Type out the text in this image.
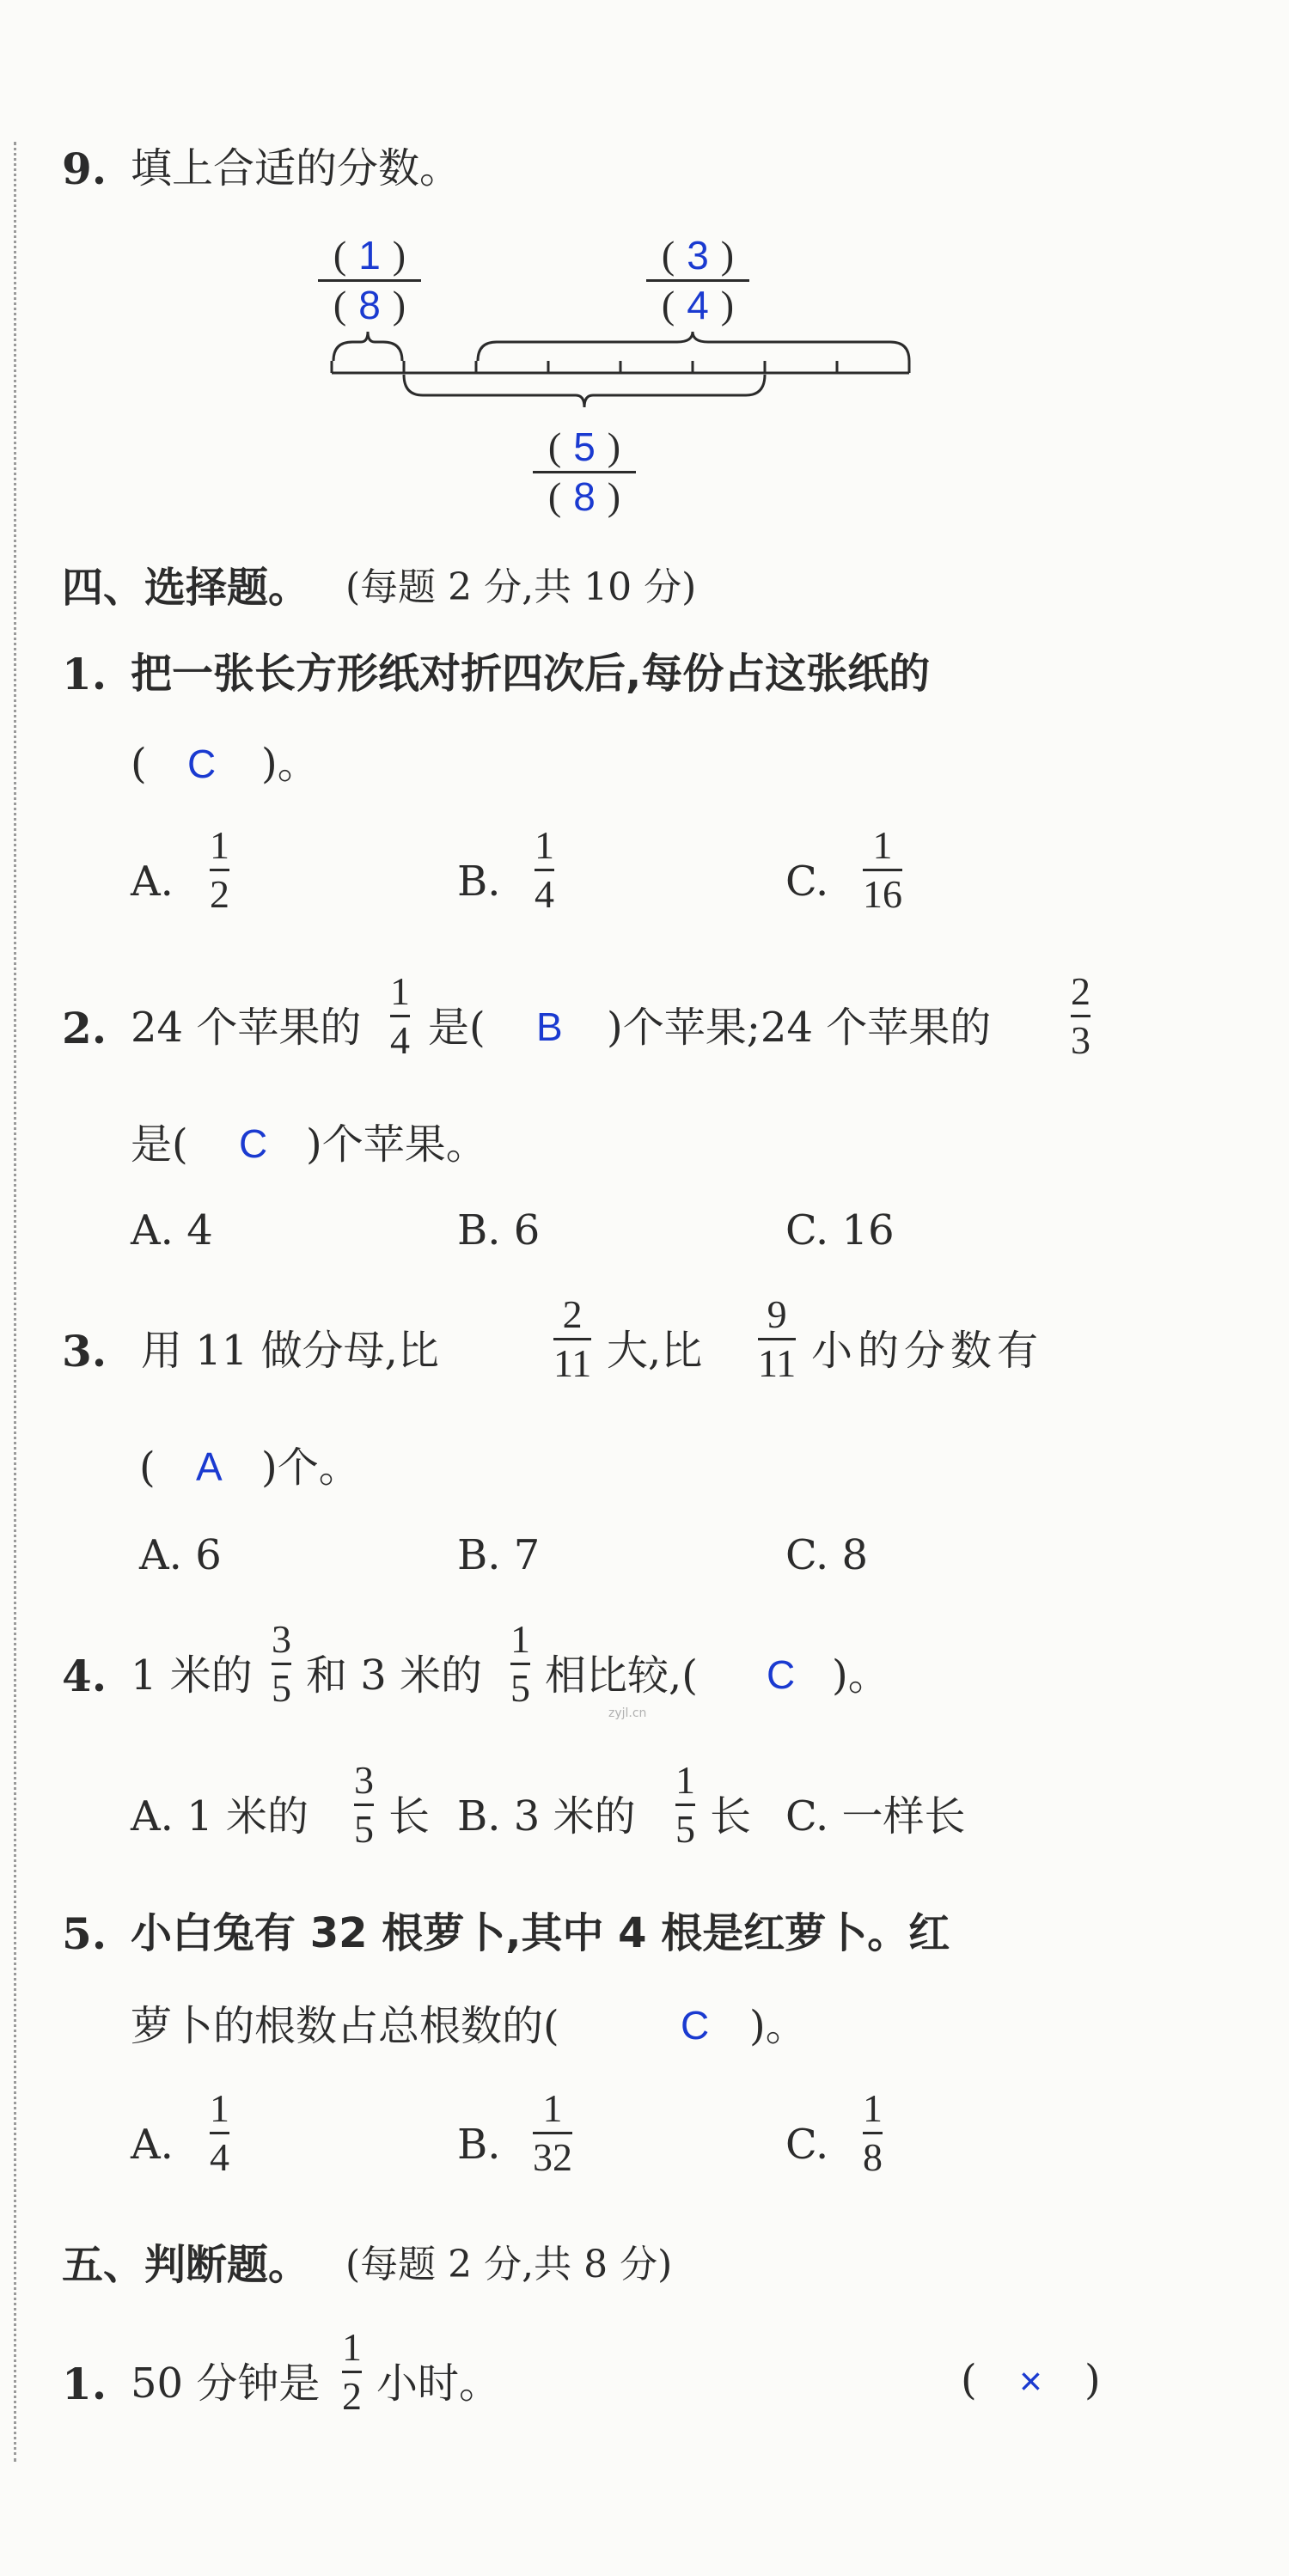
9. 填上合适的分数。
( 1 )
( 8 )
( 3 )
( 4 )
( 5 )
( 8 )
四、选择题。 (每题 2 分,共 10 分)
1. 把一张长方形纸对折四次后,每份占这张纸的
( C )。
A.
1
2	B.
1
4	C.
1
16
2. 24 个苹果的
1
4 是( B )个苹果;24 个苹果的
2
3
是( C )个苹果。
A. 4	B. 6	C. 16
3. 用 11 做分母,比
2
11 大,比
9
11 小的分数有
( A )个。
A. 6	B. 7	C. 8
4. 1 米的
3
5 和 3 米的
1
5 相比较,( C )。
zyjl.cn
A. 1 米的
3
5 长 B. 3 米的
1
5 长 C. 一样长
5. 小白兔有 32 根萝卜,其中 4 根是红萝卜。红
萝卜的根数占总根数的(	C )。
A.
1
4	B.
1
32	C.
1
8
五、判断题。 (每题 2 分,共 8 分)
1. 50 分钟是
1
2 小时。	( × )
